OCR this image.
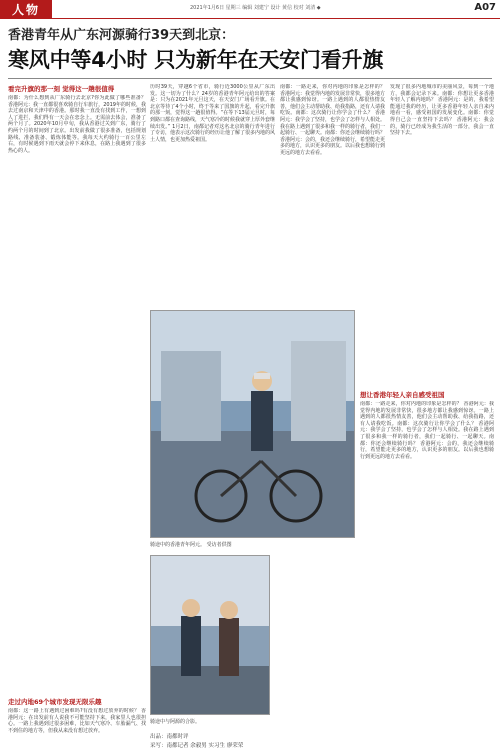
人物	2021年1月6日 星期三 编辑 刘建宁 设计 黄信 校对 刘清 ◆	A07
香港青年从广东河源骑行39天到北京：
寒风中等4小时 只为新年在天安门看升旗
看完升旗的那一刻 觉得这一趟很值得
南都：为什么想到从广东骑行去北京?你为此做了哪些准备？ 香港阿元：我一直都很喜欢骑自行车旅行，2019年的时候，我去过南京和天津中的香港。那时我一直没有找到工作，一想到人了进拦，我们得有一天会在恋念上。无需前去体会，准备了两个月了。2020年10月中旬，我从香港过关到广东，骑行了约两个月的时间到了北京。出发前我做了很多准备，包括规划路线、准备装备、锻炼体能等。我每天大约骑行一百公里左右，有时候遇到下雨天就会停下来休息，在路上我遇到了很多热心的人。
走过内地69个城市发现无限乐趣
南都：这一路上有遇到过困难吗?有没有想过放弃的时候？ 香港阿元：在出发前有人说我不可能坚持下来，我家里人也很担心。一路上我遇到过很多困难，比如天气寒冷、车胎漏气、找不到住的地方等，但我从来没有想过放弃。
历时39天，穿越6个省市，骑行近3000公里从广东出发。这一切为了什么？24岁的香港青年阿元给出的答案是：只为在2021年元旦这天，在天安门广场看升旗。在北京等待了4个小时，终于等来了国旗的升起，看完升旗的那一刻，觉得这一趟很值得。“在等下13届元旦时，每到路口都在查询路线，天气寒冷的时候我就穿上厚外套继续出发。” 1月2日，南都记者对这名北京的骑行青年进行了专访，他表示这次骑行的经历让他了解了很多内地的风土人情，也更加热爱祖国。
南都：一路走来，你对内地的印象是怎样的？ 香港阿元：我觉得内地的发展非常快，很多地方都让我感到惊讶。一路上遇到的人都很热情友善，他们会主动帮助我、给我指路，还有人请我吃饭。南都：这次骑行让你学会了什么？ 香港阿元：我学会了坚持，也学会了怎样与人相处。我在路上遇到了很多和我一样的骑行者，我们一起骑行、一起聊天。南都：你还会继续骑行吗？ 香港阿元：会的，我还会继续骑行，希望能走更多的地方，认识更多的朋友。以后我也想骑行到更远的地方去看看。
骑途中的香港青年阿元。 受访者供图
骑途中与阿源的合影。
出品：南都时评
采写：南都记者 余毅男 实习生 廖荣荣
发现了很多内地城市的美丽风景，每到一个地方，我都会记录下来。南都：你想让更多香港年轻人了解内地吗？ 香港阿元：是的，我希望能通过我的经历，让更多香港年轻人亲自来内地看一看，感受祖国的发展变化。南都：你觉得自己会一直坚持下去吗？ 香港阿元：我会的，骑行已经成为我生活的一部分，我会一直坚持下去。
想让香港年轻人亲自感受祖国
南都：一路走来，你对内地的印象是怎样的？ 香港阿元：我觉得内地的发展非常快，很多地方都让我感到惊讶。一路上遇到的人都很热情友善，他们会主动帮助我、给我指路，还有人请我吃饭。南都：这次骑行让你学会了什么？ 香港阿元：我学会了坚持，也学会了怎样与人相处。我在路上遇到了很多和我一样的骑行者，我们一起骑行、一起聊天。南都：你还会继续骑行吗？ 香港阿元：会的，我还会继续骑行，希望能走更多的地方，认识更多的朋友。以后我也想骑行到更远的地方去看看。
